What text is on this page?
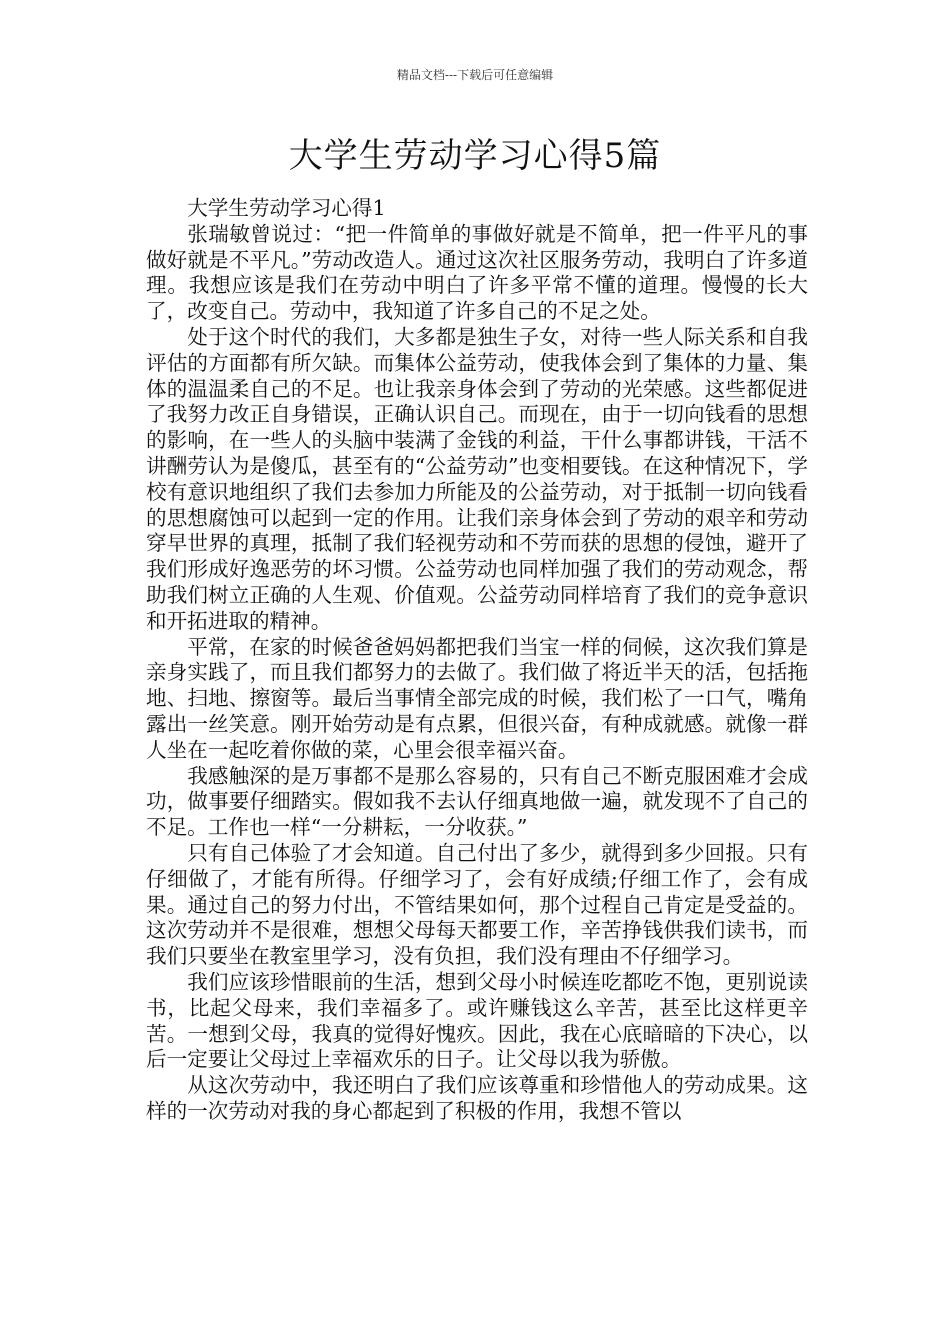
精品文档---下载后可任意编辑
大学生劳动学习心得5篇

大学生劳动学习心得1

张瑞敏曾说过：“把一件简单的事做好就是不简单，把一件平凡的事做好就是不平凡。”劳动改造人。通过这次社区服务劳动，我明白了许多道理。我想应该是我们在劳动中明白了许多平常不懂的道理。慢慢的长大了，改变自己。劳动中，我知道了许多自己的不足之处。

处于这个时代的我们，大多都是独生子女，对待一些人际关系和自我评估的方面都有所欠缺。而集体公益劳动，使我体会到了集体的力量、集体的温温柔自己的不足。也让我亲身体会到了劳动的光荣感。这些都促进了我努力改正自身错误，正确认识自己。而现在，由于一切向钱看的思想的影响，在一些人的头脑中装满了金钱的利益，干什么事都讲钱，干活不讲酬劳认为是傻瓜，甚至有的“公益劳动”也变相要钱。在这种情况下，学校有意识地组织了我们去参加力所能及的公益劳动，对于抵制一切向钱看的思想腐蚀可以起到一定的作用。让我们亲身体会到了劳动的艰辛和劳动穿早世界的真理，抵制了我们轻视劳动和不劳而获的思想的侵蚀，避开了我们形成好逸恶劳的坏习惯。公益劳动也同样加强了我们的劳动观念，帮助我们树立正确的人生观、价值观。公益劳动同样培育了我们的竞争意识和开拓进取的精神。

平常，在家的时候爸爸妈妈都把我们当宝一样的伺候，这次我们算是亲身实践了，而且我们都努力的去做了。我们做了将近半天的活，包括拖地、扫地、擦窗等。最后当事情全部完成的时候，我们松了一口气，嘴角露出一丝笑意。刚开始劳动是有点累，但很兴奋，有种成就感。就像一群人坐在一起吃着你做的菜，心里会很幸福兴奋。

我感触深的是万事都不是那么容易的，只有自己不断克服困难才会成功，做事要仔细踏实。假如我不去认仔细真地做一遍，就发现不了自己的不足。工作也一样“一分耕耘，一分收获。”

只有自己体验了才会知道。自己付出了多少，就得到多少回报。只有仔细做了，才能有所得。仔细学习了，会有好成绩;仔细工作了，会有成果。通过自己的努力付出，不管结果如何，那个过程自己肯定是受益的。这次劳动并不是很难，想想父母每天都要工作，辛苦挣钱供我们读书，而我们只要坐在教室里学习，没有负担，我们没有理由不仔细学习。

我们应该珍惜眼前的生活，想到父母小时候连吃都吃不饱，更别说读书，比起父母来，我们幸福多了。或许赚钱这么辛苦，甚至比这样更辛苦。一想到父母，我真的觉得好愧疚。因此，我在心底暗暗的下决心，以后一定要让父母过上幸福欢乐的日子。让父母以我为骄傲。

从这次劳动中，我还明白了我们应该尊重和珍惜他人的劳动成果。这样的一次劳动对我的身心都起到了积极的作用，我想不管以
